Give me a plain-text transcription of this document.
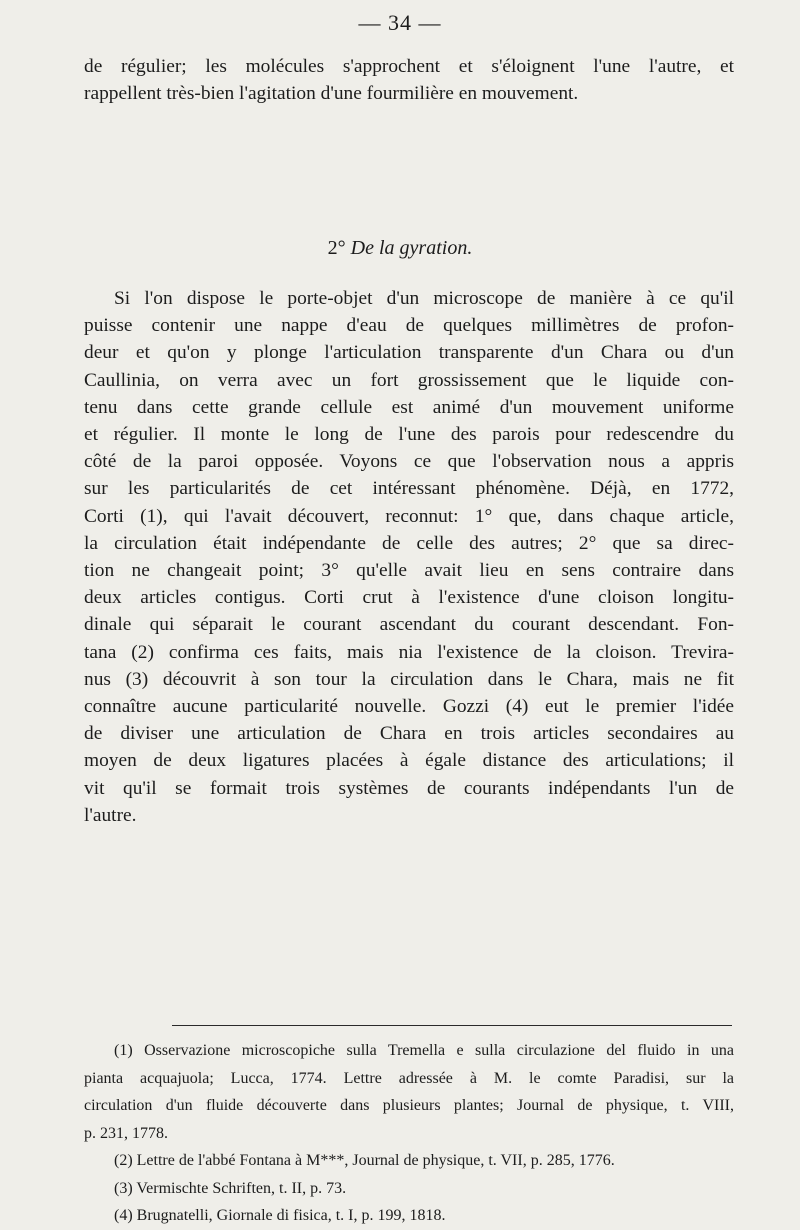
— 34 —
de régulier; les molécules s'approchent et s'éloignent l'une l'autre, et
rappellent très-bien l'agitation d'une fourmilière en mouvement.
2° De la gyration.
Si l'on dispose le porte-objet d'un microscope de manière à ce qu'il
puisse contenir une nappe d'eau de quelques millimètres de profon-
deur et qu'on y plonge l'articulation transparente d'un Chara ou d'un
Caullinia, on verra avec un fort grossissement que le liquide con-
tenu dans cette grande cellule est animé d'un mouvement uniforme
et régulier. Il monte le long de l'une des parois pour redescendre du
côté de la paroi opposée. Voyons ce que l'observation nous a appris
sur les particularités de cet intéressant phénomène. Déjà, en 1772,
Corti (1), qui l'avait découvert, reconnut: 1° que, dans chaque article,
la circulation était indépendante de celle des autres; 2° que sa direc-
tion ne changeait point; 3° qu'elle avait lieu en sens contraire dans
deux articles contigus. Corti crut à l'existence d'une cloison longitu-
dinale qui séparait le courant ascendant du courant descendant. Fon-
tana (2) confirma ces faits, mais nia l'existence de la cloison. Trevira-
nus (3) découvrit à son tour la circulation dans le Chara, mais ne fit
connaître aucune particularité nouvelle. Gozzi (4) eut le premier l'idée
de diviser une articulation de Chara en trois articles secondaires au
moyen de deux ligatures placées à égale distance des articulations; il
vit qu'il se formait trois systèmes de courants indépendants l'un de
l'autre.
(1) Osservazione microscopiche sulla Tremella e sulla circulazione del fluido in una
pianta acquajuola; Lucca, 1774. Lettre adressée à M. le comte Paradisi, sur la
circulation d'un fluide découverte dans plusieurs plantes; Journal de physique, t. VIII,
p. 231, 1778.
(2) Lettre de l'abbé Fontana à M***, Journal de physique, t. VII, p. 285, 1776.
(3) Vermischte Schriften, t. II, p. 73.
(4) Brugnatelli, Giornale di fisica, t. I, p. 199, 1818.
